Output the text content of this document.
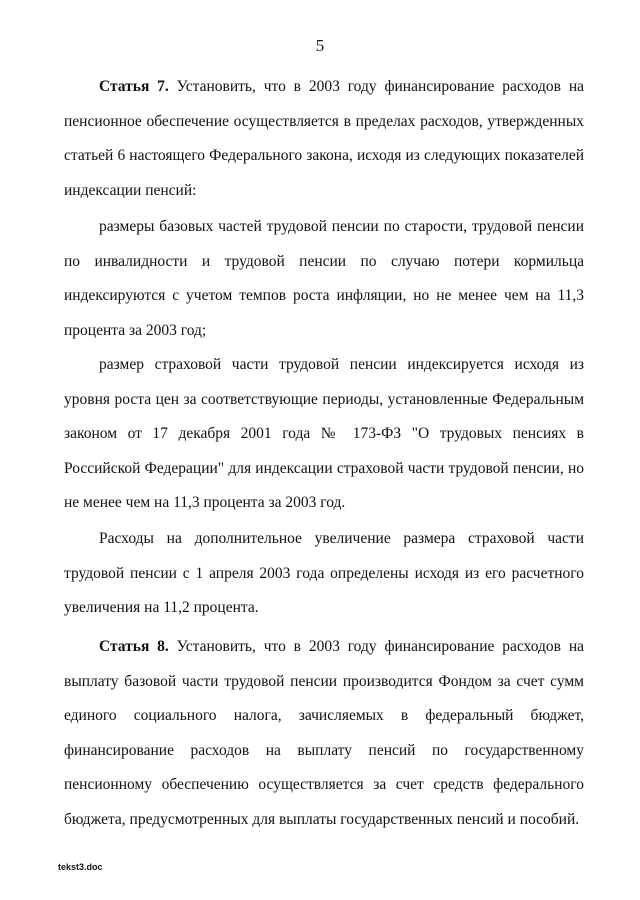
5

Статья 7. Установить, что в 2003 году финансирование расходов на пенсионное обеспечение осуществляется в пределах расходов, утвержденных статьей 6 настоящего Федерального закона, исходя из следующих показателей индексации пенсий:

размеры базовых частей трудовой пенсии по старости, трудовой пенсии по инвалидности и трудовой пенсии по случаю потери кормильца индексируются с учетом темпов роста инфляции, но не менее чем на 11,3 процента за 2003 год;

размер страховой части трудовой пенсии индексируется исходя из уровня роста цен за соответствующие периоды, установленные Федеральным законом от 17 декабря 2001 года № 173-ФЗ "О трудовых пенсиях в Российской Федерации" для индексации страховой части трудовой пенсии, но не менее чем на 11,3 процента за 2003 год.

Расходы на дополнительное увеличение размера страховой части трудовой пенсии с 1 апреля 2003 года определены исходя из его расчетного увеличения на 11,2 процента.

Статья 8. Установить, что в 2003 году финансирование расходов на выплату базовой части трудовой пенсии производится Фондом за счет сумм единого социального налога, зачисляемых в федеральный бюджет, финансирование расходов на выплату пенсий по государственному пенсионному обеспечению осуществляется за счет средств федерального бюджета, предусмотренных для выплаты государственных пенсий и пособий.

tekst3.doc
